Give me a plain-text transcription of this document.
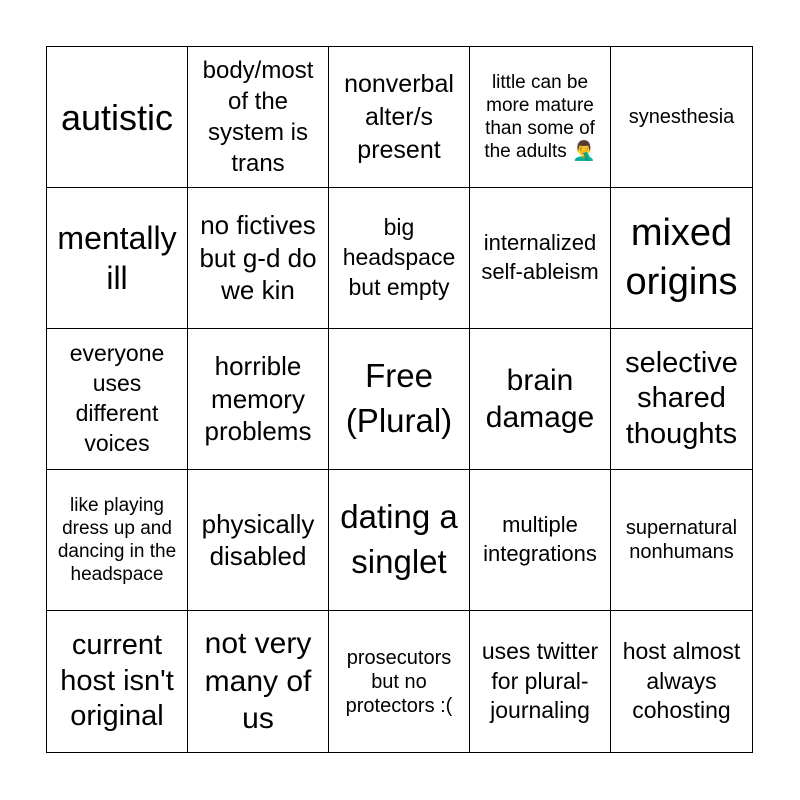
autistic
body/most of the system is trans
nonverbal alter/s present
little can be more mature than some of the adults 🤦‍♂️
synesthesia
mentally ill
no fictives but g-d do we kin
big headspace but empty
internalized self-ableism
mixed origins
everyone uses different voices
horrible memory problems
Free (Plural)
brain damage
selective shared thoughts
like playing dress up and dancing in the headspace
physically disabled
dating a singlet
multiple integrations
supernatural nonhumans
current host isn't original
not very many of us
prosecutors but no protectors :(
uses twitter for plural-journaling
host almost always cohosting
